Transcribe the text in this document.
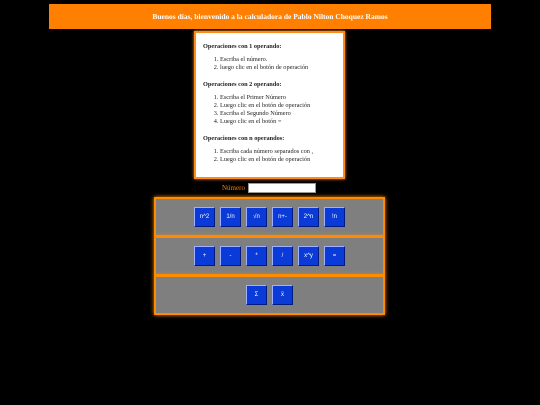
Buenos días, bienvenido a la calculadora de Pablo Nilton Choquez Ramos
Operaciones con 1 operando:
1. Escriba el número.
2. luego clic en el botón de operación
Operaciones con 2 operando:
1. Escriba el Primer Número
2. Luego clic en el botón de operación
3. Escriba el Segundo Número
4. Luego clic en el botón =
Operaciones con n operandos:
1. Escriba cada número separados con ,
2. Luego clic en el botón de operación
Número
n^2	1/n	√n	n+-	2^n	!n
+	-	*	/	x^y	=
Σ	x̄
